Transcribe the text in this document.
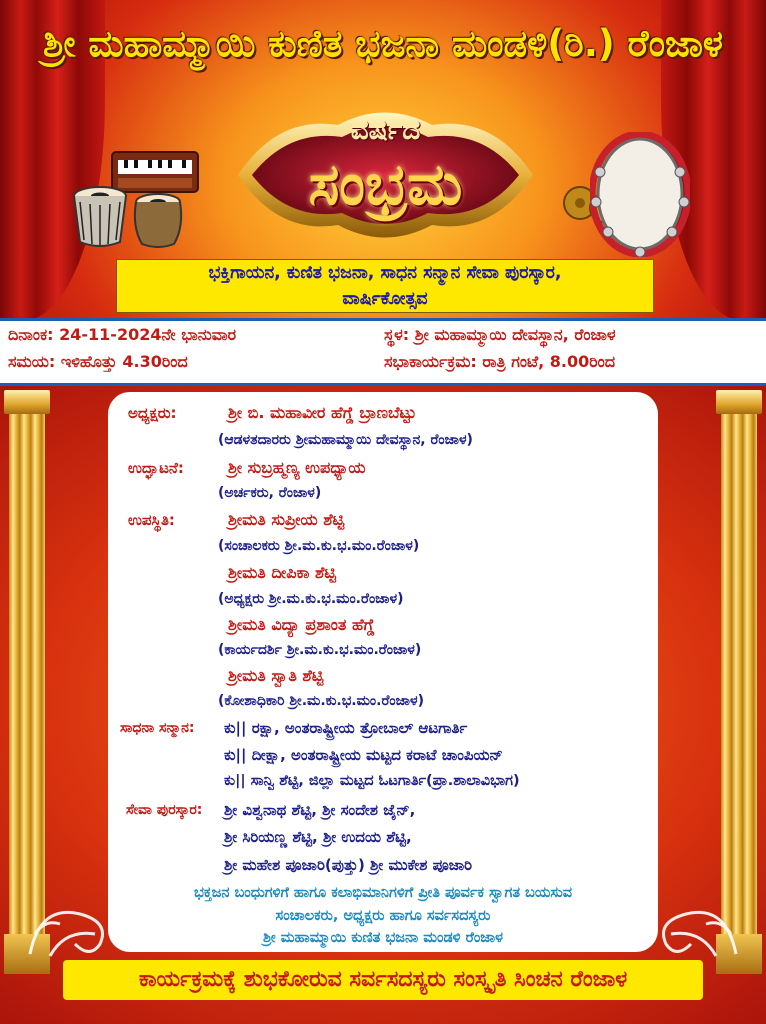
ಶ್ರೀ ಮಹಾಮ್ಮಾಯಿ ಕುಣಿತ ಭಜನಾ ಮಂಡಳಿ(ರಿ.) ರೆಂಜಾಳ
ವರ್ಷದ
ಸಂಭ್ರಮ
ಭಕ್ತಿಗಾಯನ, ಕುಣಿತ ಭಜನಾ, ಸಾಧನ ಸನ್ಮಾನ ಸೇವಾ ಪುರಸ್ಕಾರ,
ವಾರ್ಷಿಕೋತ್ಸವ
ದಿನಾಂಕ: 24-11-2024ನೇ ಭಾನುವಾರ
ಸಮಯ: ಇಳಿಹೊತ್ತು 4.30ರಿಂದ
ಸ್ಥಳ: ಶ್ರೀ ಮಹಾಮ್ಮಾಯಿ ದೇವಸ್ಥಾನ, ರೆಂಜಾಳ
ಸಭಾಕಾರ್ಯಕ್ರಮ: ರಾತ್ರಿ ಗಂಟೆ, 8.00ರಿಂದ
ಅಧ್ಯಕ್ಷರು:	ಶ್ರೀ ಬಿ. ಮಹಾವೀರ ಹೆಗ್ಡೆ ಬ್ರಾಣಬೆಟ್ಟು
(ಆಡಳತದಾರರು ಶ್ರೀಮಹಾಮ್ಮಾಯಿ ದೇವಸ್ಥಾನ, ರೆಂಜಾಳ)
ಉದ್ಘಾಟನೆ:	ಶ್ರೀ ಸುಬ್ರಹ್ಮಣ್ಯ ಉಪಧ್ಯಾಯ
(ಅರ್ಚಕರು, ರೆಂಜಾಳ)
ಉಪಸ್ಥಿತಿ:	ಶ್ರೀಮತಿ ಸುಪ್ರೀಯ ಶೆಟ್ಟಿ
(ಸಂಚಾಲಕರು ಶ್ರೀ.ಮ.ಕು.ಭ.ಮಂ.ರೆಂಜಾಳ)
ಶ್ರೀಮತಿ ದೀಪಿಕಾ ಶೆಟ್ಟಿ
(ಅಧ್ಯಕ್ಷರು ಶ್ರೀ.ಮ.ಕು.ಭ.ಮಂ.ರೆಂಜಾಳ)
ಶ್ರೀಮತಿ ವಿದ್ಯಾ ಪ್ರಶಾಂತ ಹೆಗ್ಡೆ
(ಕಾರ್ಯದರ್ಶಿ ಶ್ರೀ.ಮ.ಕು.ಭ.ಮಂ.ರೆಂಜಾಳ)
ಶ್ರೀಮತಿ ಸ್ವಾತಿ ಶೆಟ್ಟಿ
(ಕೋಶಾಧಿಕಾರಿ ಶ್ರೀ.ಮ.ಕು.ಭ.ಮಂ.ರೆಂಜಾಳ)
ಸಾಧನಾ ಸನ್ಮಾನ: ಕು|| ರಕ್ಷಾ, ಅಂತರಾಷ್ಟ್ರೀಯ ತ್ರೋಬಾಲ್ ಆಟಗಾರ್ತಿ
ಕು|| ದೀಕ್ಷಾ, ಅಂತರಾಷ್ಟ್ರೀಯ ಮಟ್ಟದ ಕರಾಟೆ ಚಾಂಪಿಯನ್
ಕು|| ಸಾನ್ವಿ ಶೆಟ್ಟಿ, ಜಿಲ್ಲಾ ಮಟ್ಟದ ಓಟಗಾರ್ತಿ(ಪ್ರಾ.ಶಾಲಾವಿಭಾಗ)
ಸೇವಾ ಪುರಸ್ಕಾರ: ಶ್ರೀ ವಿಶ್ವನಾಥ ಶೆಟ್ಟಿ, ಶ್ರೀ ಸಂದೇಶ ಜೈನ್,
ಶ್ರೀ ಸಿರಿಯಣ್ಣ ಶೆಟ್ಟಿ, ಶ್ರೀ ಉದಯ ಶೆಟ್ಟಿ,
ಶ್ರೀ ಮಹೇಶ ಪೂಜಾರಿ(ಪುತ್ತು) ಶ್ರೀ ಮುಕೇಶ ಪೂಜಾರಿ
ಭಕ್ತಜನ ಬಂಧುಗಳಿಗೆ ಹಾಗೂ ಕಲಾಭಿಮಾನಿಗಳಿಗೆ ಪ್ರೀತಿ ಪೂರ್ವಕ ಸ್ವಾಗತ ಬಯಸುವ
ಸಂಚಾಲಕರು, ಅಧ್ಯಕ್ಷರು ಹಾಗೂ ಸರ್ವಸದಸ್ಯರು
ಶ್ರೀ ಮಹಾಮ್ಮಾಯಿ ಕುಣಿತ ಭಜನಾ ಮಂಡಳಿ ರೆಂಜಾಳ
ಕಾರ್ಯಕ್ರಮಕ್ಕೆ ಶುಭಕೋರುವ ಸರ್ವಸದಸ್ಯರು ಸಂಸ್ಕೃತಿ ಸಿಂಚನ ರೆಂಜಾಳ
